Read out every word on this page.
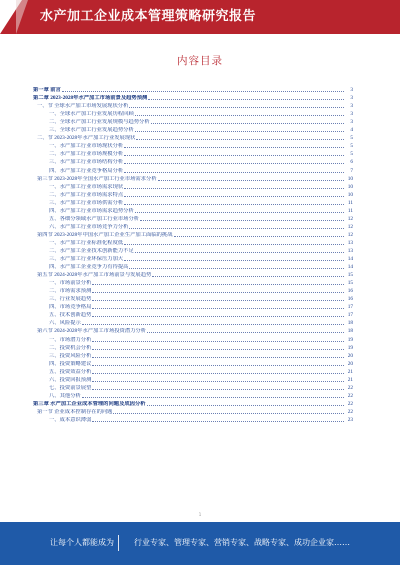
水产加工企业成本管理策略研究报告
内容目录
第一章 前言	3
第二章 2023-2028年水产加工市场前景及趋势预测	3
一、节 全球水产加工市场发展现状分析	3
一、全球水产加工行业发展历程回顾	3
二、全球水产加工行业发展规模与趋势分析	3
三、全球水产加工行业发展趋势分析	4
二、节 2023-2028年水产加工行业发展现状	5
一、水产加工行业市场现状分析	5
二、水产加工行业市场规模分析	5
三、水产加工行业市场结构分析	6
四、水产加工行业竞争格局分析	7
第三节 2023-2028年全国水产加工行业市场需求分析	10
一、水产加工行业市场需求现状	10
二、水产加工行业市场需求特点	10
三、水产加工行业市场供需分析	11
四、水产加工行业市场需求趋势分析	11
五、各细分领域水产加工行业市场分析	12
六、水产加工行业市场竞争力分析	12
第四节 2023-2028年中国水产加工企业生产加工面临的挑战	12
一、水产加工行业标准化程度低	13
二、水产加工企业技术创新能力不足	13
三、水产加工行业环保压力加大	14
四、水产加工企业竞争力有待提高	14
第五节 2024-2028年水产加工市场前景与发展趋势	15
一、市场前景分析	15
二、市场需求预测	16
三、行业发展趋势	16
四、市场竞争格局	17
五、技术创新趋势	17
六、风险提示	18
第六节 2024-2028年水产加工市场投资潜力分析	18
一、市场潜力分析	19
二、投资机会分析	19
三、投资风险分析	20
四、投资策略建议	20
五、投资效益分析	21
六、投资回报预测	21
七、投资前景展望	22
八、其他分析	22
第三章 水产加工企业成本管理的问题及成因分析	22
第一节 企业成本控制存在的问题	22
一、成本意识薄弱	23
1
让每个人都能成为	行业专家、管理专家、营销专家、战略专家、成功企业家……
